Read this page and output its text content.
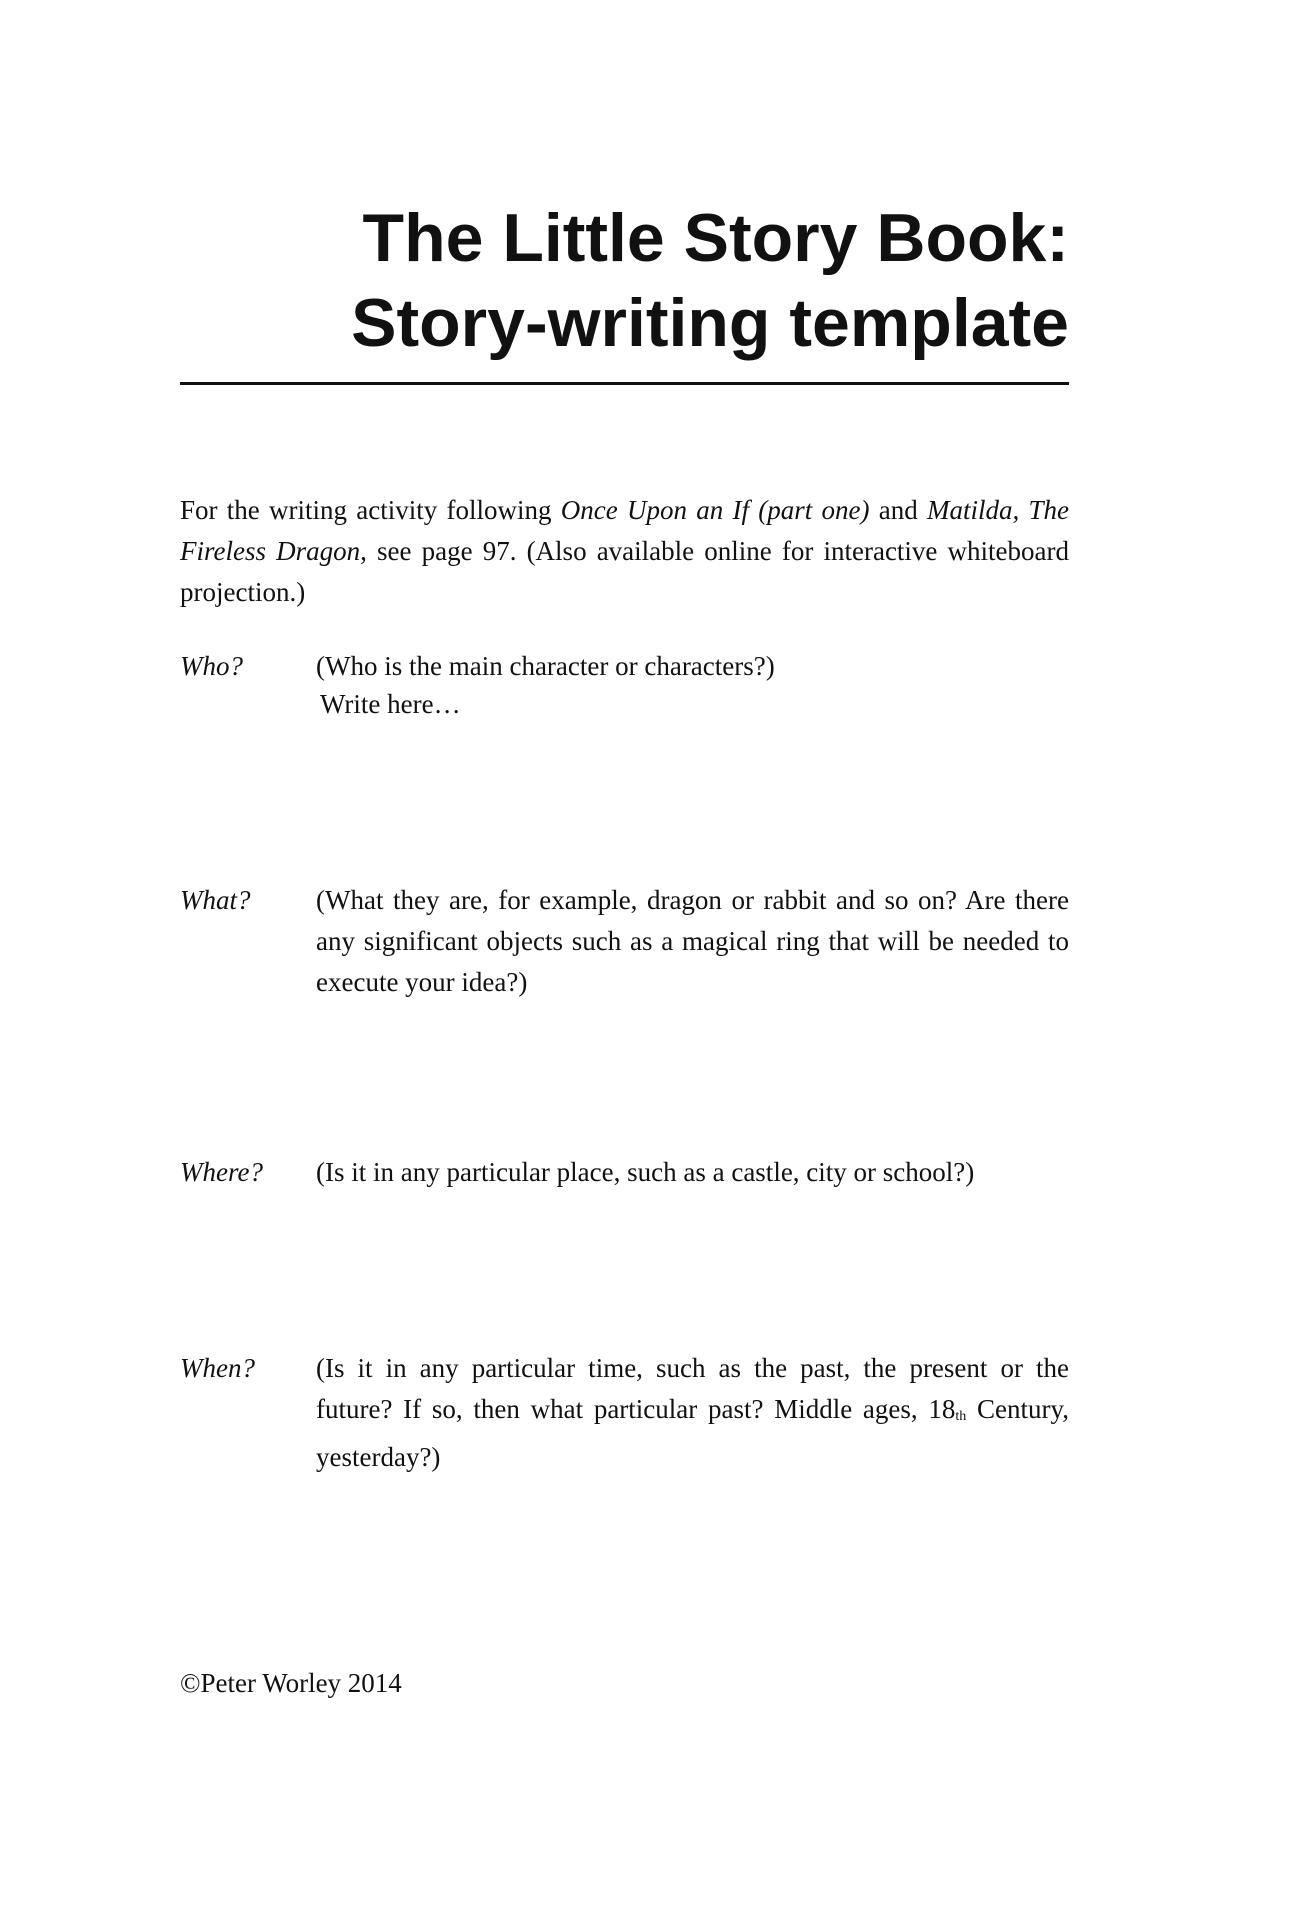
The Little Story Book:
Story-writing template

For the writing activity following Once Upon an If (part one) and Matilda, The Fireless Dragon, see page 97. (Also available online for interactive whiteboard projection.)

Who?	(Who is the main character or characters?)
Write here…
What? (What they are, for example, dragon or rabbit and so on? Are there any significant objects such as a magical ring that will be needed to execute your idea?)

Where? (Is it in any particular place, such as a castle, city or school?)

When? (Is it in any particular time, such as the past, the present or the future? If so, then what particular past? Middle ages, 18th Century, yesterday?)

©Peter Worley 2014
